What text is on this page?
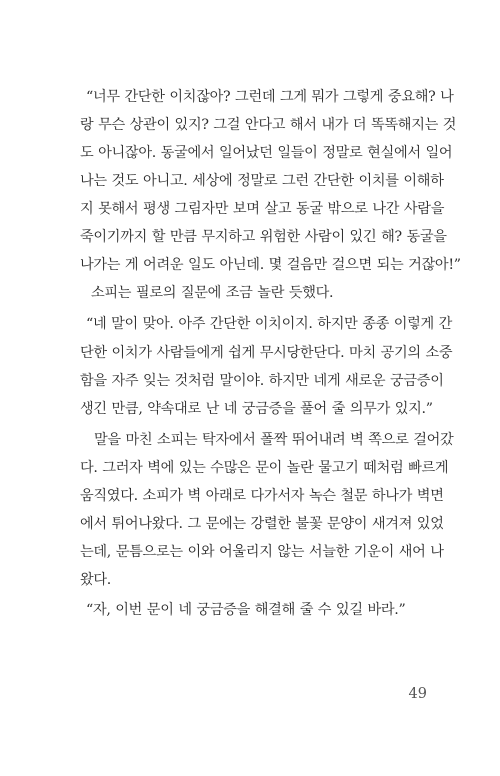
“너무 간단한 이치잖아? 그런데 그게 뭐가 그렇게 중요해? 나
랑 무슨 상관이 있지? 그걸 안다고 해서 내가 더 똑똑해지는 것
도 아니잖아. 동굴에서 일어났던 일들이 정말로 현실에서 일어
나는 것도 아니고. 세상에 정말로 그런 간단한 이치를 이해하
지 못해서 평생 그림자만 보며 살고 동굴 밖으로 나간 사람을
죽이기까지 할 만큼 무지하고 위험한 사람이 있긴 해? 동굴을
나가는 게 어려운 일도 아닌데. 몇 걸음만 걸으면 되는 거잖아!”
소피는 필로의 질문에 조금 놀란 듯했다.
“네 말이 맞아. 아주 간단한 이치이지. 하지만 종종 이렇게 간
단한 이치가 사람들에게 쉽게 무시당한단다. 마치 공기의 소중
함을 자주 잊는 것처럼 말이야. 하지만 네게 새로운 궁금증이
생긴 만큼, 약속대로 난 네 궁금증을 풀어 줄 의무가 있지.”
말을 마친 소피는 탁자에서 폴짝 뛰어내려 벽 쪽으로 걸어갔
다. 그러자 벽에 있는 수많은 문이 놀란 물고기 떼처럼 빠르게
움직였다. 소피가 벽 아래로 다가서자 녹슨 철문 하나가 벽면
에서 튀어나왔다. 그 문에는 강렬한 불꽃 문양이 새겨져 있었
는데, 문틈으로는 이와 어울리지 않는 서늘한 기운이 새어 나
왔다.
“자, 이번 문이 네 궁금증을 해결해 줄 수 있길 바라.”
49
